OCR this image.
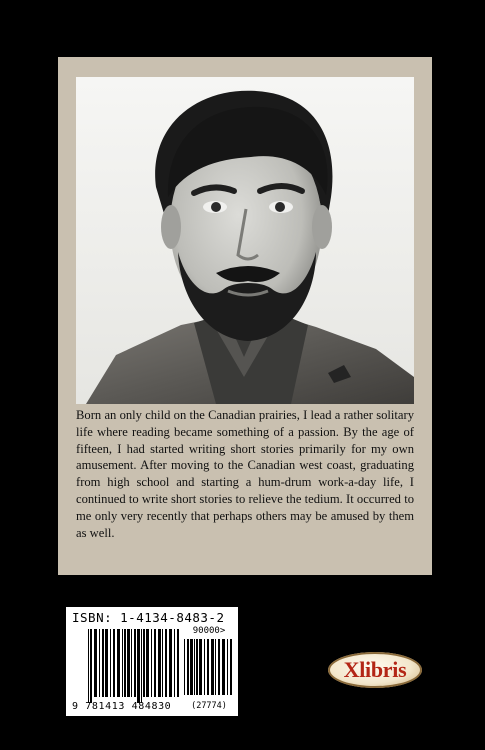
Born an only child on the Canadian prairies, I lead a rather solitary life where reading became something of a passion. By the age of fifteen, I had started writing short stories primarily for my own amusement. After moving to the Canadian west coast, graduating from high school and starting a hum-drum work-a-day life, I continued to write short stories to relieve the tedium. It occurred to me only very recently that perhaps others may be amused by them as well.

ISBN: 1-4134-8483-2
90000>
9 781413 484830	(27774)
Xlibris
